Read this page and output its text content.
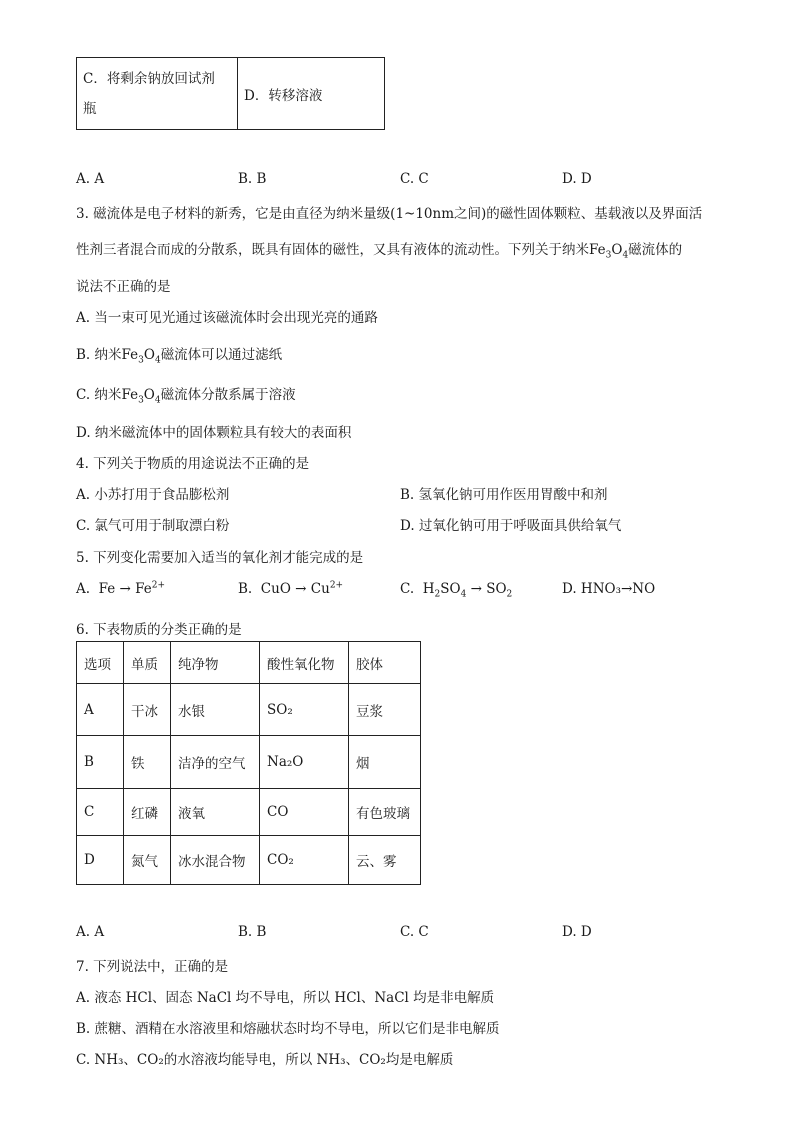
C．将剩余钠放回试剂
瓶
	D．转移溶液
A. A	B. B	C. C	D. D
3. 磁流体是电子材料的新秀，它是由直径为纳米量级(1~10nm之间)的磁性固体颗粒、基载液以及界面活
性剂三者混合而成的分散系，既具有固体的磁性，又具有液体的流动性。下列关于纳米$Fe_3O_4$磁流体的
说法不正确的是
A. 当一束可见光通过该磁流体时会出现光亮的通路
B. 纳米$Fe_3O_4$磁流体可以通过滤纸
C. 纳米$Fe_3O_4$磁流体分散系属于溶液
D. 纳米磁流体中的固体颗粒具有较大的表面积
4. 下列关于物质的用途说法不正确的是
A. 小苏打用于食品膨松剂	B. 氢氧化钠可用作医用胃酸中和剂
C. 氯气可用于制取漂白粉	D. 过氧化钠可用于呼吸面具供给氧气
5. 下列变化需要加入适当的氧化剂才能完成的是
A.  $Fe \to Fe^{2+}$	B.  CuO → $Cu^{2+}$	C.  $H_2SO_4 \to SO_2$	D. HNO₃→NO
6. 下表物质的分类正确的是
选项	单质	纯净物	酸性氧化物	胶体
A	干冰	水银	SO₂	豆浆
B	铁	洁净的空气	Na₂O	烟
C	红磷	液氧	CO	有色玻璃
D	氮气	冰水混合物	CO₂	云、雾
A. A	B. B	C. C	D. D
7. 下列说法中，正确的是
A. 液态 HCl、固态 NaCl 均不导电，所以 HCl、NaCl 均是非电解质
B. 蔗糖、酒精在水溶液里和熔融状态时均不导电，所以它们是非电解质
C. NH₃、CO₂的水溶液均能导电，所以 NH₃、CO₂均是电解质
